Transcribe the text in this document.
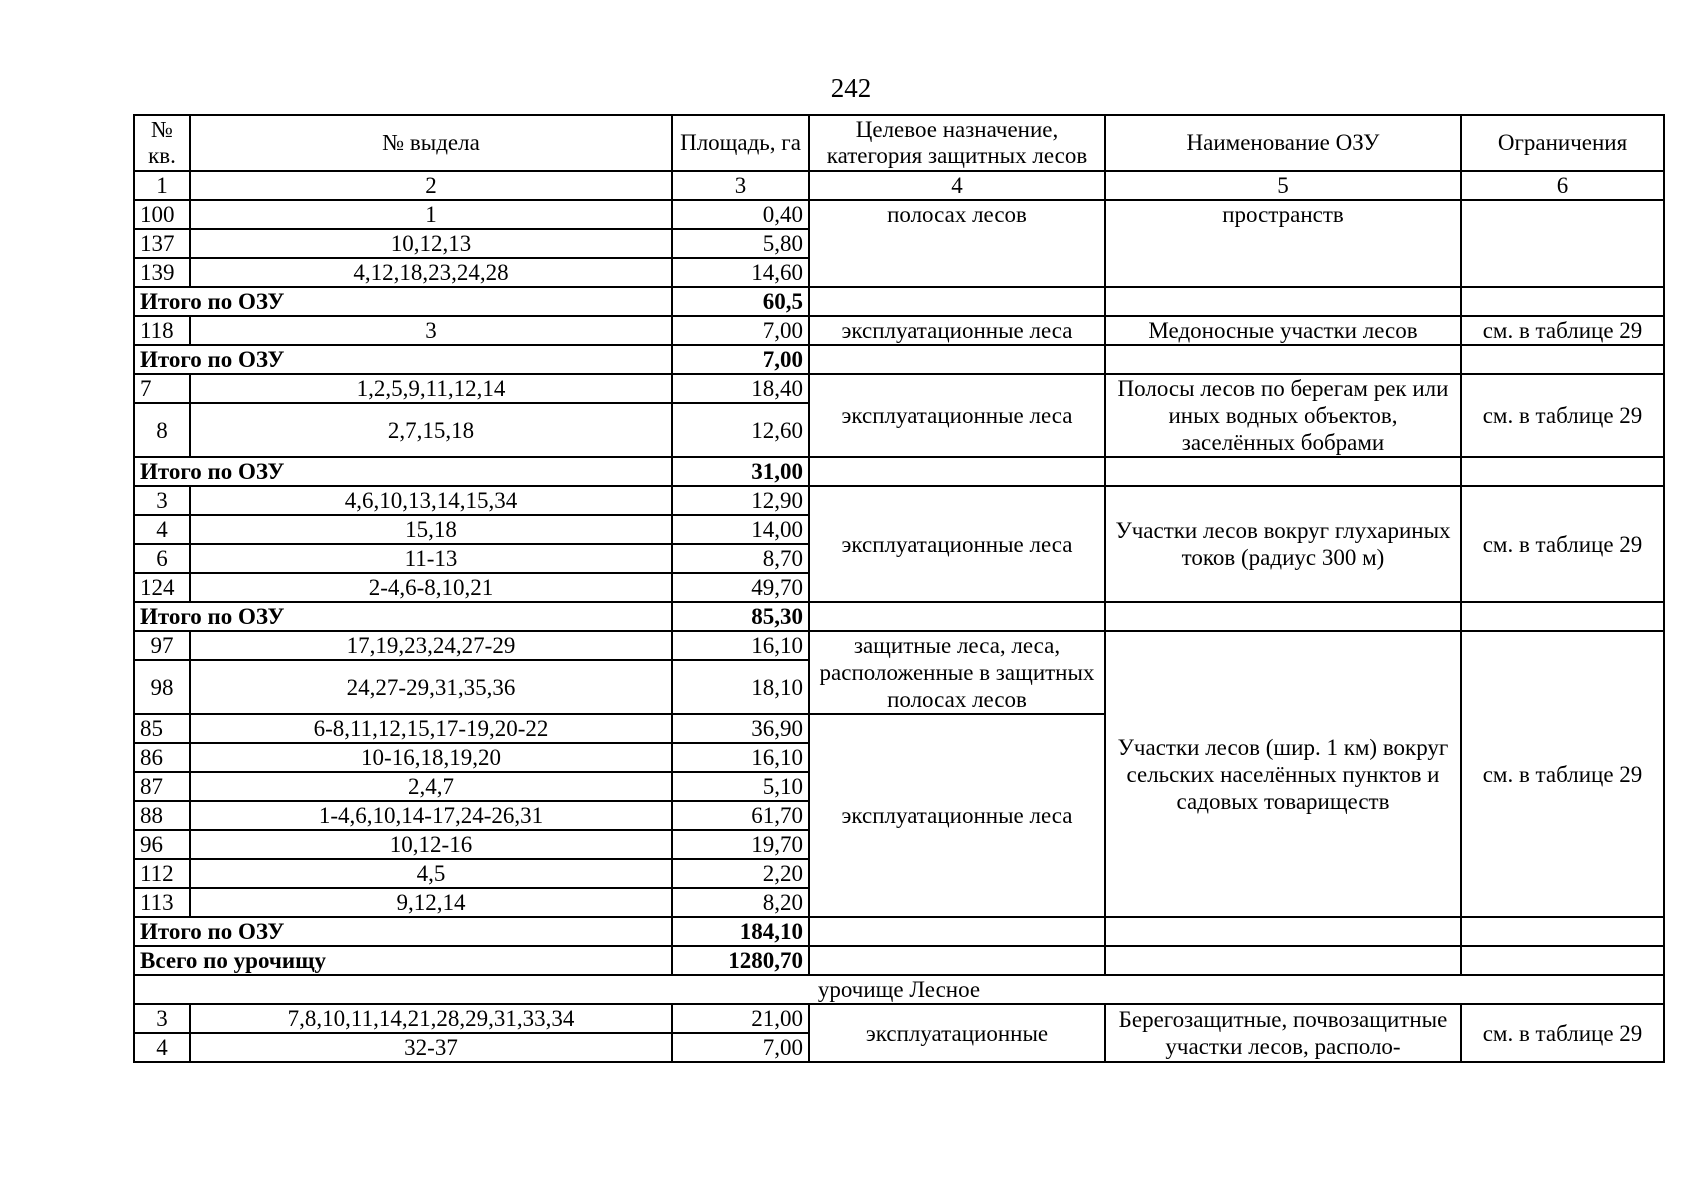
242
№ кв.	№ выдела	Площадь, га	Целевое назначение, категория защитных лесов	Наименование ОЗУ	Ограничения
1	2	3	4	5	6
100	1	0,40	полосах лесов	пространств	
137	10,12,13	5,80			
139	4,12,18,23,24,28	14,60			
Итого по ОЗУ		60,5			
118	3	7,00	эксплуатационные леса	Медоносные участки лесов	см. в таблице 29
Итого по ОЗУ		7,00			
7	1,2,5,9,11,12,14	18,40	эксплуатационные леса	Полосы лесов по берегам рек или иных водных объектов, заселённых бобрами	см. в таблице 29
8	2,7,15,18	12,60			
Итого по ОЗУ		31,00			
3	4,6,10,13,14,15,34	12,90	эксплуатационные леса	Участки лесов вокруг глухариных токов (радиус 300 м)	см. в таблице 29
4	15,18	14,00			
6	11-13	8,70			
124	2-4,6-8,10,21	49,70			
Итого по ОЗУ		85,30			
97	17,19,23,24,27-29	16,10	защитные леса, леса, расположенные в защитных полосах лесов	Участки лесов (шир. 1 км) вокруг сельских населённых пунктов и садовых товариществ	см. в таблице 29
98	24,27-29,31,35,36	18,10			
85	6-8,11,12,15,17-19,20-22	36,90	эксплуатационные леса		
86	10-16,18,19,20	16,10			
87	2,4,7	5,10			
88	1-4,6,10,14-17,24-26,31	61,70			
96	10,12-16	19,70			
112	4,5	2,20			
113	9,12,14	8,20			
Итого по ОЗУ		184,10			
Всего по урочищу		1280,70			
урочище Лесное					
3	7,8,10,11,14,21,28,29,31,33,34	21,00	эксплуатационные	Берегозащитные, почвозащитные участки лесов, располо-	см. в таблице 29
4	32-37	7,00			
